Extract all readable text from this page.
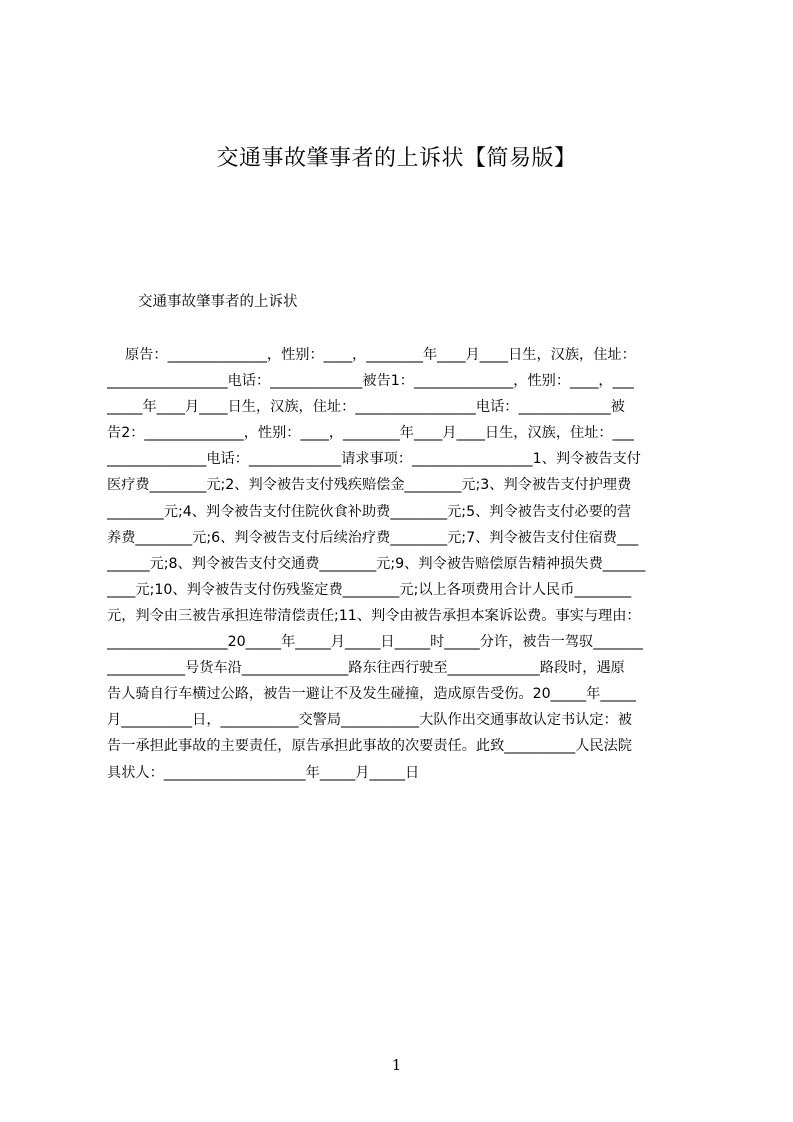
交通事故肇事者的上诉状【简易版】

交通事故肇事者的上诉状

原告：______________，性别：____，________年____月____日生，汉族，住址：
_________________电话：_____________被告1：______________，性别：____，___
_____年____月____日生，汉族，住址：_________________电话：_____________被
告2：______________，性别：____，________年____月____日生，汉族，住址：___
______________电话：_____________请求事项：_________________1、判令被告支付
医疗费________元;2、判令被告支付残疾赔偿金________元;3、判令被告支付护理费
________元;4、判令被告支付住院伙食补助费________元;5、判令被告支付必要的营
养费________元;6、判令被告支付后续治疗费________元;7、判令被告支付住宿费___
______元;8、判令被告支付交通费________元;9、判令被告赔偿原告精神损失费______
____元;10、判令被告支付伤残鉴定费________元;以上各项费用合计人民币________
元，判令由三被告承担连带清偿责任;11、判令由被告承担本案诉讼费。事实与理由：
_________________20_____年_____月_____日_____时_____分许，被告一驾驭_______
___________号货车沿_______________路东往西行驶至_____________路段时，遇原
告人骑自行车横过公路，被告一避让不及发生碰撞，造成原告受伤。20_____年_____
月__________日，___________交警局___________大队作出交通事故认定书认定：被
告一承担此事故的主要责任，原告承担此事故的次要责任。此致__________人民法院
具状人：____________________年_____月_____日
1
